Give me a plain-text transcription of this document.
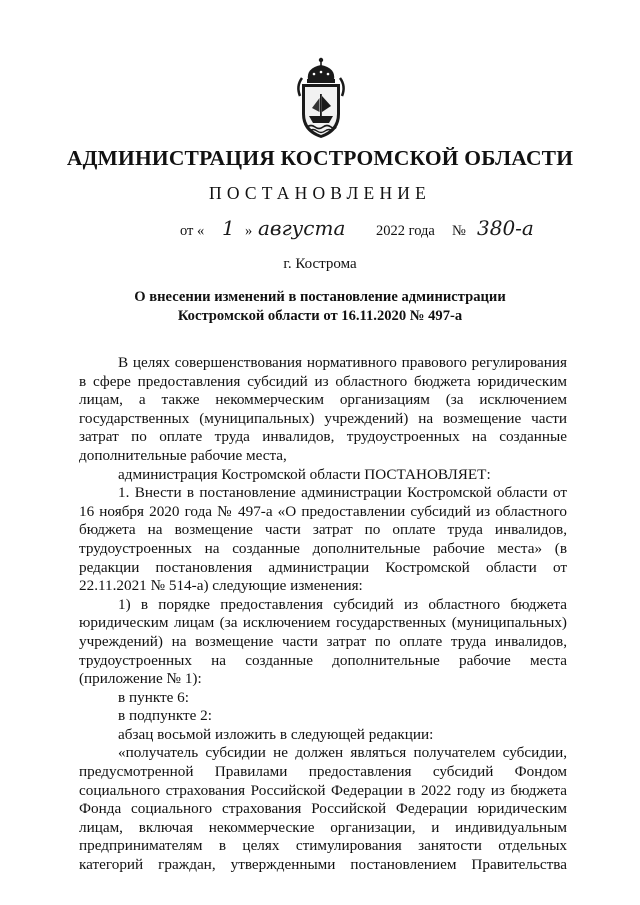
АДМИНИСТРАЦИЯ КОСТРОМСКОЙ ОБЛАСТИ
ПОСТАНОВЛЕНИЕ
от « 1 » августа 2022 года № 380-а
г. Кострома
О внесении изменений в постановление администрации
Костромской области от 16.11.2020 № 497-а

В целях совершенствования нормативного правового регулирования в сфере предоставления субсидий из областного бюджета юридическим лицам, а также некоммерческим организациям (за исключением государственных (муниципальных) учреждений) на возмещение части затрат по оплате труда инвалидов, трудоустроенных на созданные дополнительные рабочие места,

администрация Костромской области ПОСТАНОВЛЯЕТ:

1. Внести в постановление администрации Костромской области от 16 ноября 2020 года № 497-а «О предоставлении субсидий из областного бюджета на возмещение части затрат по оплате труда инвалидов, трудоустроенных на созданные дополнительные рабочие места» (в редакции постановления администрации Костромской области от 22.11.2021 № 514-а) следующие изменения:

1) в порядке предоставления субсидий из областного бюджета юридическим лицам (за исключением государственных (муниципальных) учреждений) на возмещение части затрат по оплате труда инвалидов, трудоустроенных на созданные дополнительные рабочие места (приложение № 1):

в пункте 6:

в подпункте 2:

абзац восьмой изложить в следующей редакции:

«получатель субсидии не должен являться получателем субсидии, предусмотренной Правилами предоставления субсидий Фондом социального страхования Российской Федерации в 2022 году из бюджета Фонда социального страхования Российской Федерации юридическим лицам, включая некоммерческие организации, и индивидуальным предпринимателям в целях стимулирования занятости отдельных категорий граждан, утвержденными постановлением Правительства
